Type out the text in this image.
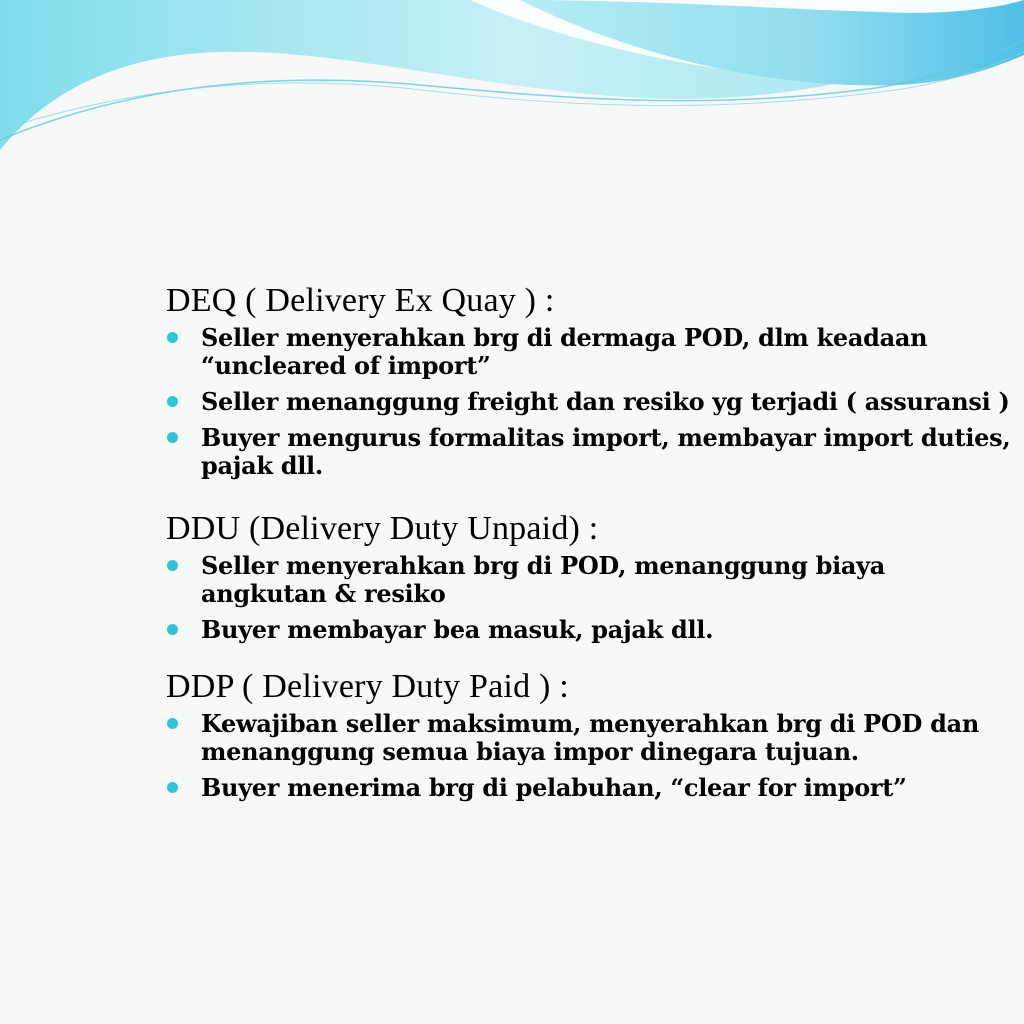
DEQ ( Delivery Ex Quay ) :
Seller menyerahkan brg di dermaga POD, dlm keadaan “uncleared of import”
Seller menanggung freight dan resiko yg terjadi ( assuransi )
Buyer mengurus formalitas import, membayar import duties, pajak dll.
DDU (Delivery Duty Unpaid) :
Seller menyerahkan brg di POD, menanggung biaya angkutan & resiko
Buyer membayar bea masuk, pajak dll.
DDP ( Delivery Duty Paid ) :
Kewajiban seller maksimum, menyerahkan brg di POD dan menanggung semua biaya impor dinegara tujuan.
Buyer menerima brg di pelabuhan, “clear for import”
